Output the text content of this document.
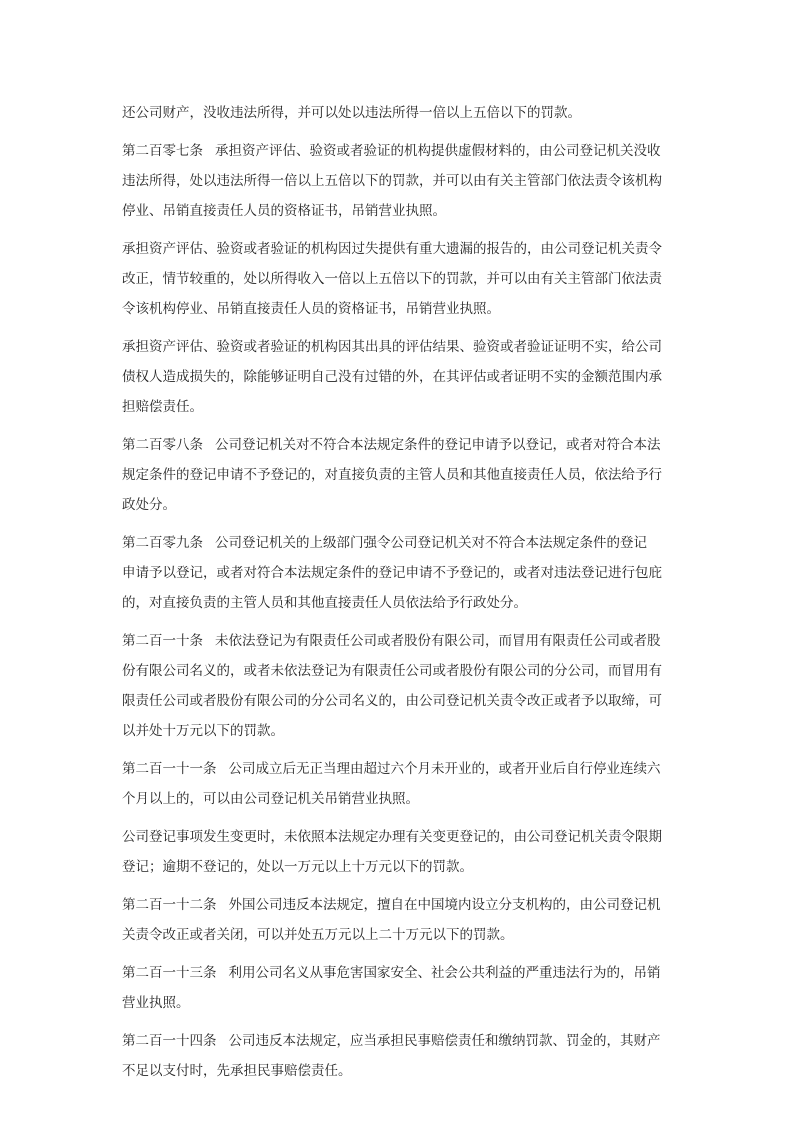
还公司财产，没收违法所得，并可以处以违法所得一倍以上五倍以下的罚款。

第二百零七条 承担资产评估、验资或者验证的机构提供虚假材料的，由公司登记机关没收
违法所得，处以违法所得一倍以上五倍以下的罚款，并可以由有关主管部门依法责令该机构
停业、吊销直接责任人员的资格证书，吊销营业执照。

承担资产评估、验资或者验证的机构因过失提供有重大遗漏的报告的，由公司登记机关责令
改正，情节较重的，处以所得收入一倍以上五倍以下的罚款，并可以由有关主管部门依法责
令该机构停业、吊销直接责任人员的资格证书，吊销营业执照。

承担资产评估、验资或者验证的机构因其出具的评估结果、验资或者验证证明不实，给公司
债权人造成损失的，除能够证明自己没有过错的外，在其评估或者证明不实的金额范围内承
担赔偿责任。

第二百零八条 公司登记机关对不符合本法规定条件的登记申请予以登记，或者对符合本法
规定条件的登记申请不予登记的，对直接负责的主管人员和其他直接责任人员，依法给予行
政处分。

第二百零九条 公司登记机关的上级部门强令公司登记机关对不符合本法规定条件的登记
申请予以登记，或者对符合本法规定条件的登记申请不予登记的，或者对违法登记进行包庇
的，对直接负责的主管人员和其他直接责任人员依法给予行政处分。

第二百一十条 未依法登记为有限责任公司或者股份有限公司，而冒用有限责任公司或者股
份有限公司名义的，或者未依法登记为有限责任公司或者股份有限公司的分公司，而冒用有
限责任公司或者股份有限公司的分公司名义的，由公司登记机关责令改正或者予以取缔，可
以并处十万元以下的罚款。

第二百一十一条 公司成立后无正当理由超过六个月未开业的，或者开业后自行停业连续六
个月以上的，可以由公司登记机关吊销营业执照。

公司登记事项发生变更时，未依照本法规定办理有关变更登记的，由公司登记机关责令限期
登记；逾期不登记的，处以一万元以上十万元以下的罚款。

第二百一十二条 外国公司违反本法规定，擅自在中国境内设立分支机构的，由公司登记机
关责令改正或者关闭，可以并处五万元以上二十万元以下的罚款。

第二百一十三条 利用公司名义从事危害国家安全、社会公共利益的严重违法行为的，吊销
营业执照。

第二百一十四条 公司违反本法规定，应当承担民事赔偿责任和缴纳罚款、罚金的，其财产
不足以支付时，先承担民事赔偿责任。
